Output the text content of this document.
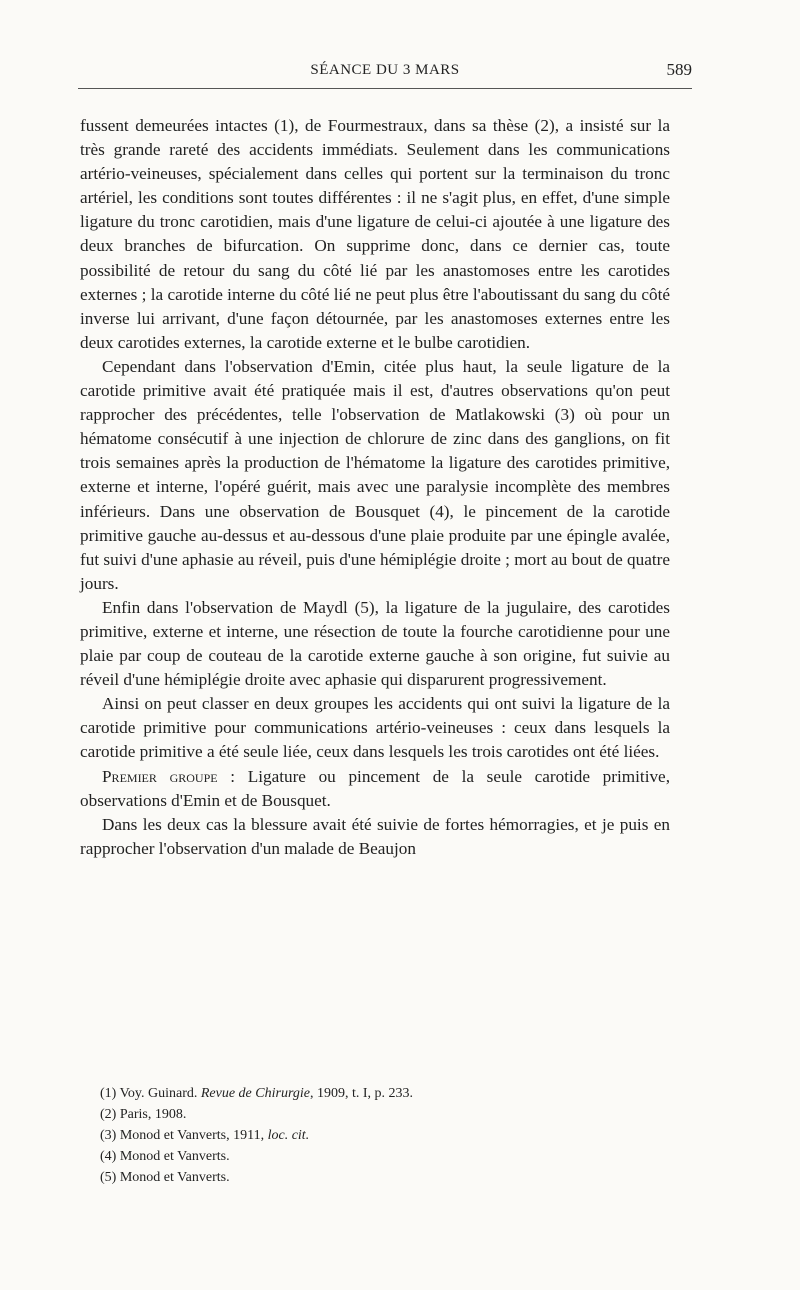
SÉANCE DU 3 MARS	589

fussent demeurées intactes (1), de Fourmestraux, dans sa thèse (2), a insisté sur la très grande rareté des accidents immédiats. Seulement dans les communications artério-veineuses, spécialement dans celles qui portent sur la terminaison du tronc artériel, les conditions sont toutes différentes : il ne s'agit plus, en effet, d'une simple ligature du tronc carotidien, mais d'une ligature de celui-ci ajoutée à une ligature des deux branches de bifurcation. On supprime donc, dans ce dernier cas, toute possibilité de retour du sang du côté lié par les anastomoses entre les carotides externes ; la carotide interne du côté lié ne peut plus être l'aboutissant du sang du côté inverse lui arrivant, d'une façon détournée, par les anastomoses externes entre les deux carotides externes, la carotide externe et le bulbe carotidien.

Cependant dans l'observation d'Emin, citée plus haut, la seule ligature de la carotide primitive avait été pratiquée mais il est, d'autres observations qu'on peut rapprocher des précédentes, telle l'observation de Matlakowski (3) où pour un hématome consécutif à une injection de chlorure de zinc dans des ganglions, on fit trois semaines après la production de l'hématome la ligature des carotides primitive, externe et interne, l'opéré guérit, mais avec une paralysie incomplète des membres inférieurs. Dans une observation de Bousquet (4), le pincement de la carotide primitive gauche au-dessus et au-dessous d'une plaie produite par une épingle avalée, fut suivi d'une aphasie au réveil, puis d'une hémiplégie droite ; mort au bout de quatre jours.

Enfin dans l'observation de Maydl (5), la ligature de la jugulaire, des carotides primitive, externe et interne, une résection de toute la fourche carotidienne pour une plaie par coup de couteau de la carotide externe gauche à son origine, fut suivie au réveil d'une hémiplégie droite avec aphasie qui disparurent progressivement.

Ainsi on peut classer en deux groupes les accidents qui ont suivi la ligature de la carotide primitive pour communications artério-veineuses : ceux dans lesquels la carotide primitive a été seule liée, ceux dans lesquels les trois carotides ont été liées.

Premier groupe : Ligature ou pincement de la seule carotide primitive, observations d'Emin et de Bousquet.

Dans les deux cas la blessure avait été suivie de fortes hémorragies, et je puis en rapprocher l'observation d'un malade de Beaujon

(1) Voy. Guinard. Revue de Chirurgie, 1909, t. I, p. 233.
(2) Paris, 1908.
(3) Monod et Vanverts, 1911, loc. cit.
(4) Monod et Vanverts.
(5) Monod et Vanverts.
